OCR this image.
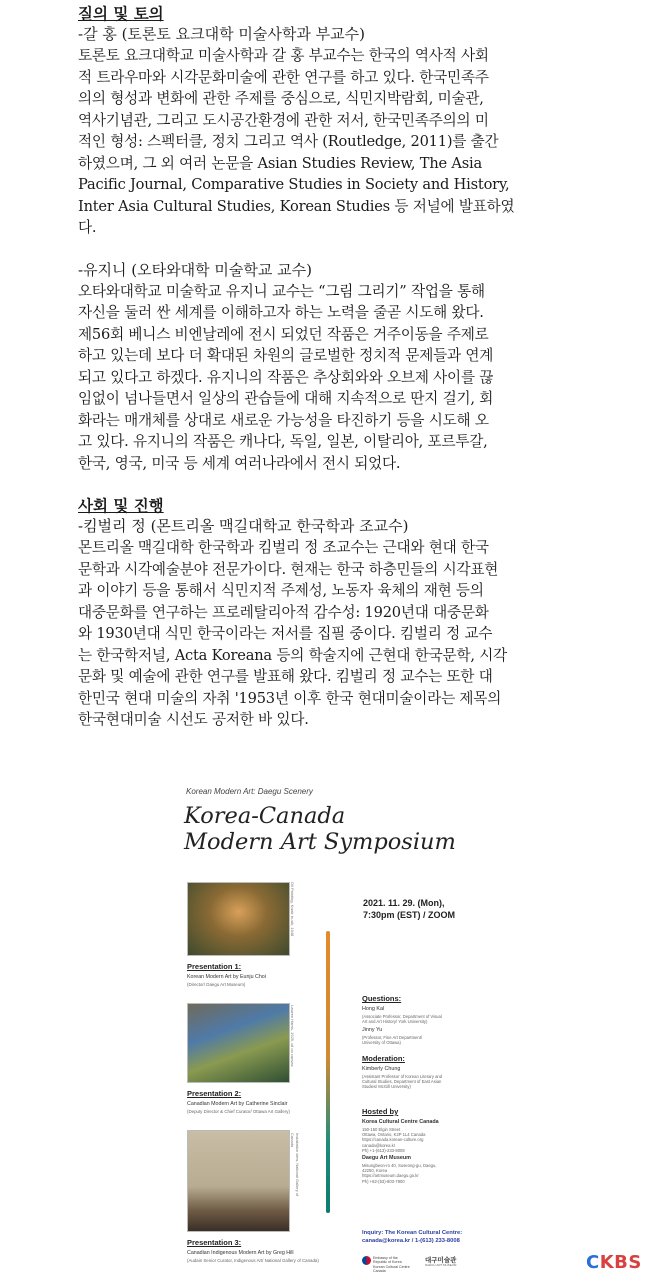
질의 및 토의

-갈 홍 (토론토 요크대학 미술사학과 부교수)

토론토 요크대학교 미술사학과 갈 홍 부교수는 한국의 역사적 사회

적 트라우마와 시각문화미술에 관한 연구를 하고 있다. 한국민족주

의의 형성과 변화에 관한 주제를 중심으로, 식민지박람회, 미술관,

역사기념관, 그리고 도시공간환경에 관한 저서, 한국민족주의의 미

적인 형성: 스펙터클, 정치 그리고 역사 (Routledge, 2011)를 출간

하였으며, 그 외 여러 논문을 Asian Studies Review, The Asia

Pacific Journal, Comparative Studies in Society and History,

Inter Asia Cultural Studies, Korean Studies 등 저널에 발표하였

다.

-유지니 (오타와대학 미술학교 교수)

오타와대학교 미술학교 유지니 교수는 “그림 그리기” 작업을 통해

자신을 둘러 싼 세계를 이해하고자 하는 노력을 줄곧 시도해 왔다.

제56회 베니스 비엔날레에 전시 되었던 작품은 거주이동을 주제로

하고 있는데 보다 더 확대된 차원의 글로벌한 정치적 문제들과 연계

되고 있다고 하겠다. 유지니의 작품은 추상회와와 오브제 사이를 끊

임없이 넘나들면서 일상의 관습들에 대해 지속적으로 딴지 걸기, 회

화라는 매개체를 상대로 새로운 가능성을 타진하기 등을 시도해 오

고 있다. 유지니의 작품은 캐나다, 독일, 일본, 이탈리아, 포르투갈,

한국, 영국, 미국 등 세계 여러나라에서 전시 되었다.

사회 및 진행

-킴벌리 정 (몬트리올 맥길대학교 한국학과 조교수)

몬트리올 맥길대학 한국학과 킴벌리 정 조교수는 근대와 현대 한국

문학과 시각예술분야 전문가이다. 현재는 한국 하층민들의 시각표현

과 이야기 등을 통해서 식민지적 주제성, 노동자 육체의 재현 등의

대중문화를 연구하는 프로레탈리아적 감수성: 1920년대 대중문화

와 1930년대 식민 한국이라는 저서를 집필 중이다. 킴벌리 정 교수

는 한국학저널, Acta Koreana 등의 학술지에 근현대 한국문학, 시각

문화 및 예술에 관한 연구를 발표해 왔다. 킴벌리 정 교수는 또한 대

한민국 현대 미술의 자취 '1953년 이후 한국 현대미술이라는 제목의

한국현대미술 시선도 공저한 바 있다.

Korean Modern Art: Daegu Scenery
Korea-Canada
Modern Art Symposium
2021. 11. 29. (Mon),
7:30pm (EST) / ZOOM
Oil Painting, Kwak In-sik, 1948
Presentation 1:
Korean Modern Art by Eunju Choi
(Director/ Daegu Art Museum)
Lawren Harris, 1929, oil on canvas
Presentation 2:
Canadian Modern Art by Catherine Sinclair
(Deputy Director & Chief Curator/ Ottawa Art Gallery)
Installation view, National Gallery of Canada
Presentation 3:
Canadian Indigenous Modern Art by Greg Hill
(Audain Senior Curator, Indigenous Art/ National Gallery of Canada)
Questions:
Hong Kal
(Associate Professor, Department of Visual
Art and Art History/ York University)
Jinny Yu
(Professor, Fine Art Department/
University of Ottawa)
Moderation:
Kimberly Chung
(Assistant Professor of Korean Literary and
Cultural Studies, Department of East Asian
Studies/ McGill University)
Hosted by
Korea Cultural Centre Canada
150-150 Elgin Street
Ottawa, Ontario, K2P 1L4 Canada
https://canada.korean-culture.org
canada@korea.kr
Ph) +1-(613)-233-8008
Daegu Art Museum
Misungbeon-ro 40, Suseong-gu, Daegu,
42250, Korea
https://artmuseum.daegu.go.kr
Ph) +82-(53)-803-7900
Inquiry: The Korean Cultural Centre:
canada@korea.kr / 1-(613) 233-8008
Embassy of the Republic of Korea Korean Cultural Centre Canada
대구미술관
DAEGU ART MUSEUM	CKBS
